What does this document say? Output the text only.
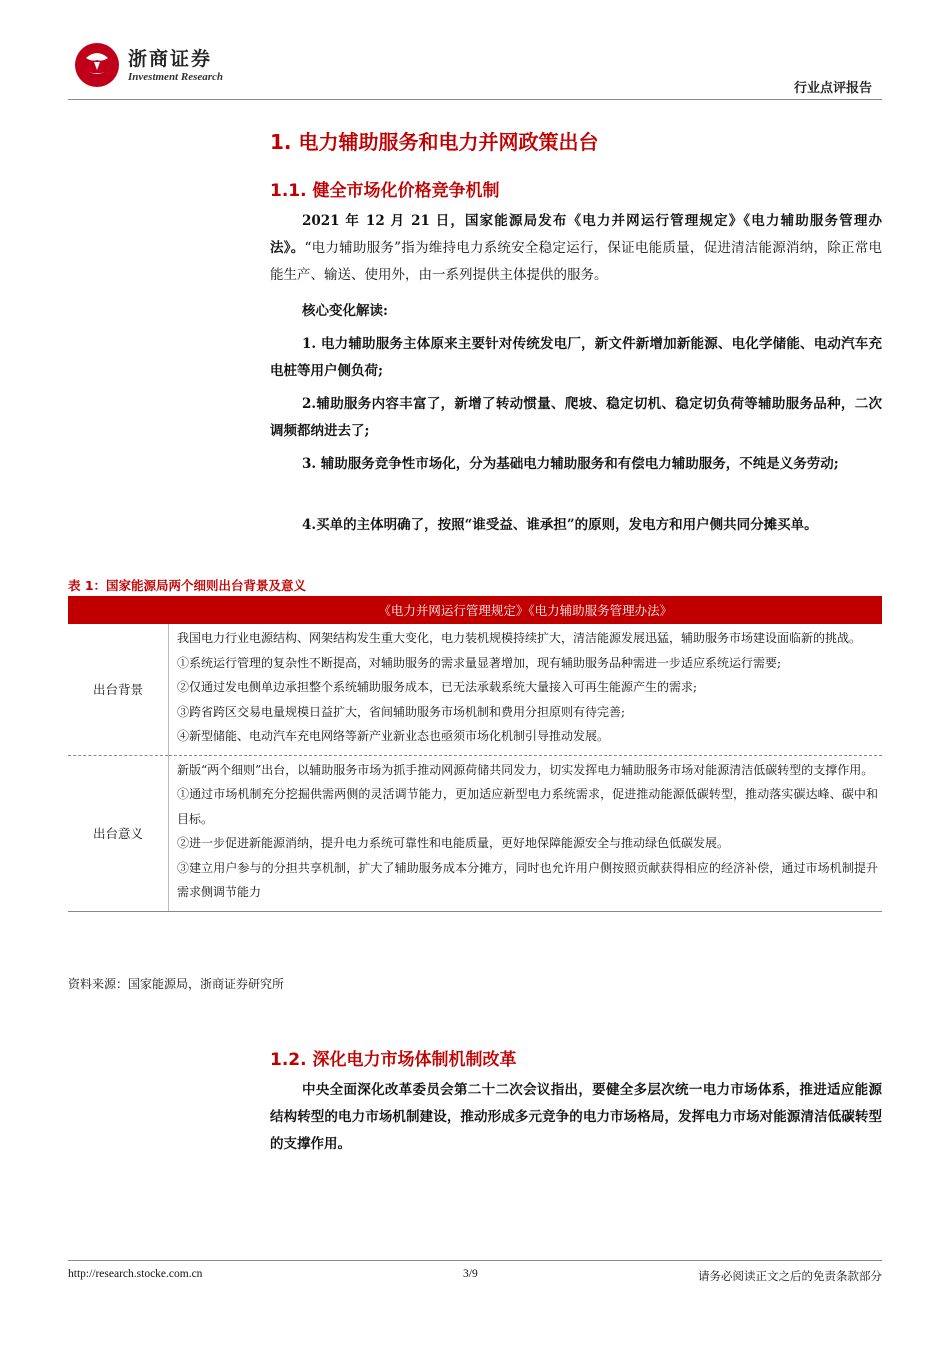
浙商证券
Investment Research
行业点评报告
1. 电力辅助服务和电力并网政策出台
1.1. 健全市场化价格竞争机制

2021 年 12 月 21 日，国家能源局发布《电力并网运行管理规定》《电力辅助服务管理办法》。“电力辅助服务”指为维持电力系统安全稳定运行，保证电能质量，促进清洁能源消纳，除正常电能生产、输送、使用外，由一系列提供主体提供的服务。

核心变化解读:

1. 电力辅助服务主体原来主要针对传统发电厂，新文件新增加新能源、电化学储能、电动汽车充电桩等用户侧负荷;

2.辅助服务内容丰富了，新增了转动惯量、爬坡、稳定切机、稳定切负荷等辅助服务品种，二次调频都纳进去了;

3. 辅助服务竞争性市场化，分为基础电力辅助服务和有偿电力辅助服务，不纯是义务劳动;

4.买单的主体明确了，按照“谁受益、谁承担”的原则，发电方和用户侧共同分摊买单。

表 1：国家能源局两个细则出台背景及意义
	《电力并网运行管理规定》《电力辅助服务管理办法》
出台背景	我国电力行业电源结构、网架结构发生重大变化，电力装机规模持续扩大，清洁能源发展迅猛，辅助服务市场建设面临新的挑战。
①系统运行管理的复杂性不断提高，对辅助服务的需求量显著增加，现有辅助服务品种需进一步适应系统运行需要;
②仅通过发电侧单边承担整个系统辅助服务成本，已无法承载系统大量接入可再生能源产生的需求;
③跨省跨区交易电量规模日益扩大，省间辅助服务市场机制和费用分担原则有待完善;
④新型储能、电动汽车充电网络等新产业新业态也亟须市场化机制引导推动发展。

出台意义	新版“两个细则”出台，以辅助服务市场为抓手推动网源荷储共同发力，切实发挥电力辅助服务市场对能源清洁低碳转型的支撑作用。
①通过市场机制充分挖掘供需两侧的灵活调节能力，更加适应新型电力系统需求，促进推动能源低碳转型，推动落实碳达峰、碳中和目标。
②进一步促进新能源消纳，提升电力系统可靠性和电能质量，更好地保障能源安全与推动绿色低碳发展。
③建立用户参与的分担共享机制，扩大了辅助服务成本分摊方，同时也允许用户侧按照贡献获得相应的经济补偿，通过市场机制提升需求侧调节能力
资料来源：国家能源局，浙商证券研究所
1.2. 深化电力市场体制机制改革

中央全面深化改革委员会第二十二次会议指出，要健全多层次统一电力市场体系，推进适应能源结构转型的电力市场机制建设，推动形成多元竞争的电力市场格局，发挥电力市场对能源清洁低碳转型的支撑作用。

http://research.stocke.com.cn	3/9	请务必阅读正文之后的免责条款部分
